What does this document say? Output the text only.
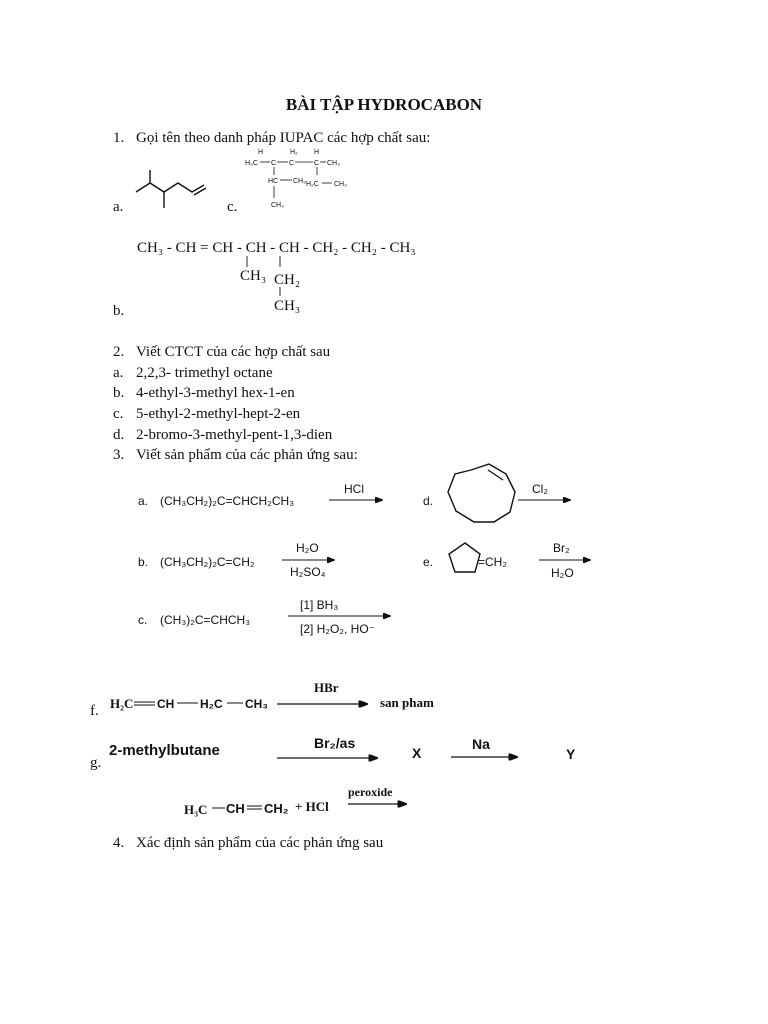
BÀI TẬP HYDROCABON
1. Gọi tên theo danh pháp IUPAC các hợp chất sau:
a.	c.
H	H₂ H
H₃C C C	C CH₃
HC CH₃ H₂C CH₃
CH₃
CH₃ - CH = CH - CH - CH - CH₂ - CH₂ - CH₃
CH₃ CH₂
CH₃
b.
2. Viết CTCT của các hợp chất sau
a. 2,2,3- trimethyl octane
b. 4-ethyl-3-methyl hex-1-en
c. 5-ethyl-2-methyl-hept-2-en
d. 2-bromo-3-methyl-pent-1,3-dien
3. Viết sản phẩm của các phản ứng sau:
a. (CH₃CH₂)₂C=CHCH₂CH₃
HCl
d.
Cl₂
b. (CH₃CH₂)₂C=CH₂
H₂O
H₂SO₄
e.	=CH₂
Br₂
H₂O
c. (CH₃)₂C=CHCH₃
[1] BH₃
[2] H₂O₂, HO⁻
f. H₂C CH H₂C CH₃
HBr
san pham
g.
2-methylbutane	Br₂/as
X
Na
Y
H₃C CH CH₂ + HCl
peroxide
4. Xác định sản phẩm của các phản ứng sau
